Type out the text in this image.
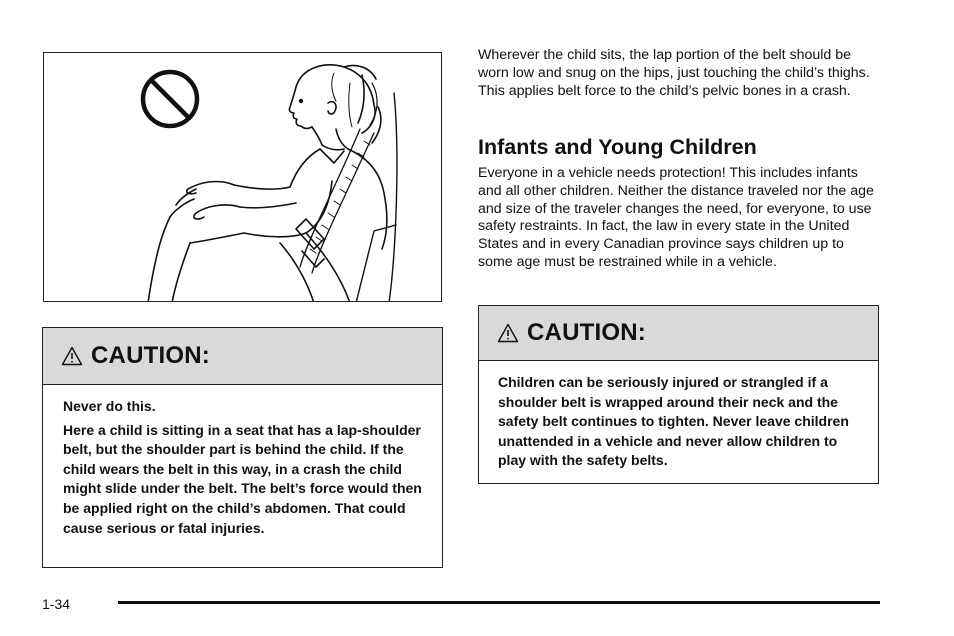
CAUTION:

Never do this.

Here a child is sitting in a seat that has a lap-shoulder belt, but the shoulder part is behind the child. If the child wears the belt in this way, in a crash the child might slide under the belt. The belt’s force would then be applied right on the child’s abdomen. That could cause serious or fatal injuries.

Wherever the child sits, the lap portion of the belt should be worn low and snug on the hips, just touching the child’s thighs. This applies belt force to the child’s pelvic bones in a crash.

Infants and Young Children

Everyone in a vehicle needs protection! This includes infants and all other children. Neither the distance traveled nor the age and size of the traveler changes the need, for everyone, to use safety restraints. In fact, the law in every state in the United States and in every Canadian province says children up to some age must be restrained while in a vehicle.

CAUTION:

Children can be seriously injured or strangled if a shoulder belt is wrapped around their neck and the safety belt continues to tighten. Never leave children unattended in a vehicle and never allow children to play with the safety belts.

1-34
